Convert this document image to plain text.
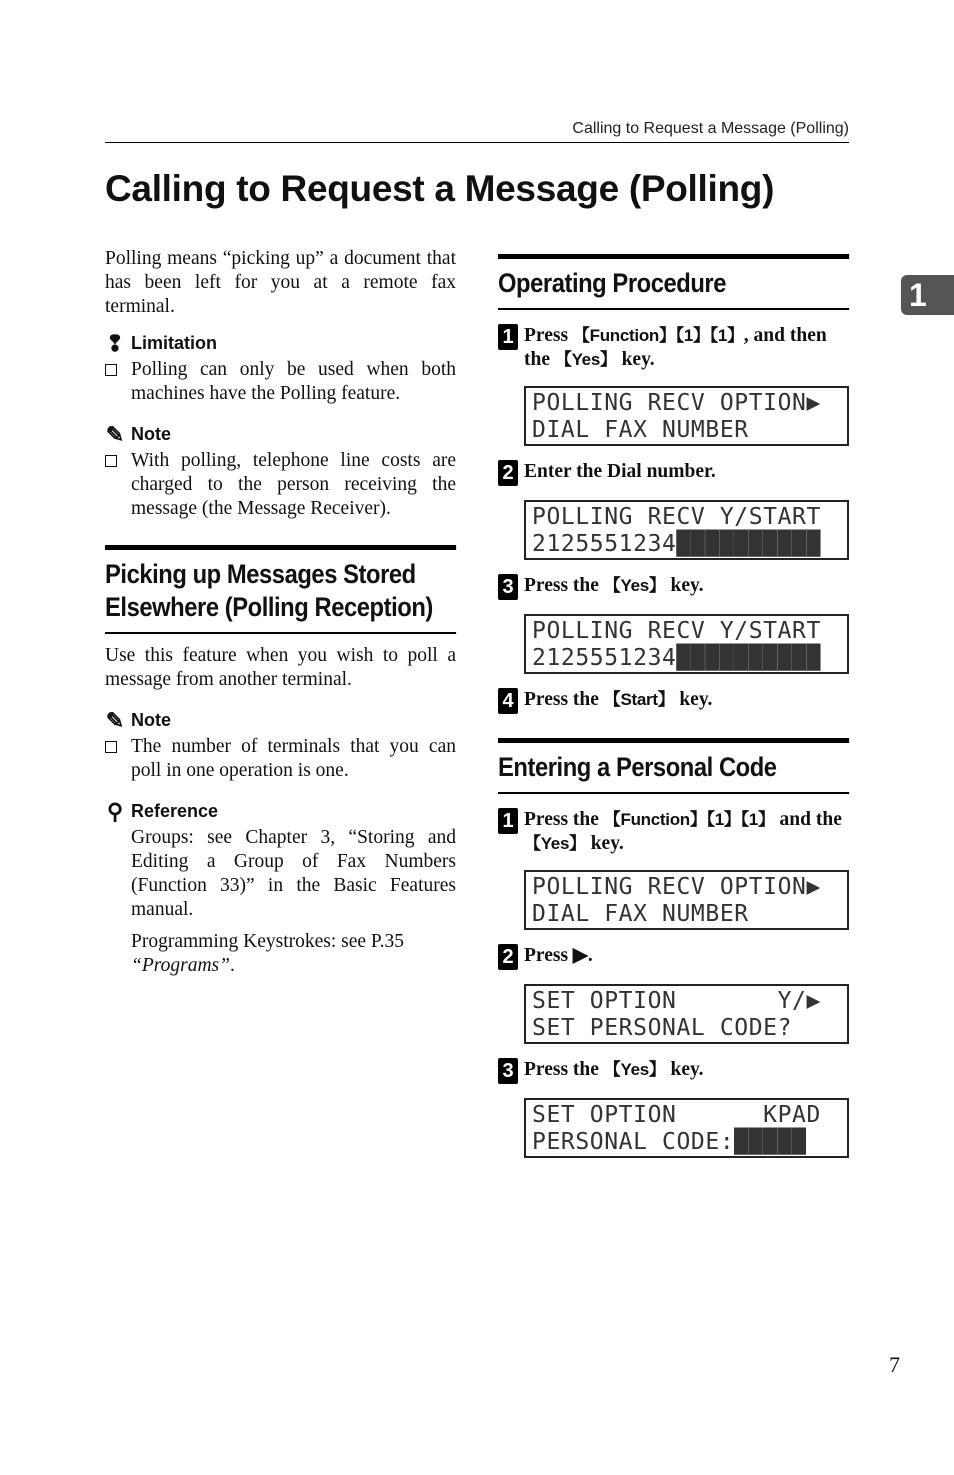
Calling to Request a Message (Polling)
Calling to Request a Message (Polling)
1

Polling means “picking up” a document that has been left for you at a remote fax terminal.

❢ Limitation
Polling can only be used when both machines have the Polling feature.
✎ Note
With polling, telephone line costs are charged to the person receiving the message (the Message Receiver).
Picking up Messages Stored
Elsewhere (Polling Reception)

Use this feature when you wish to poll a message from another terminal.

✎ Note
The number of terminals that you can poll in one operation is one.
⚲ Reference

Groups: see Chapter 3, “Storing and Editing a Group of Fax Numbers (Function 33)” in the Basic Features manual.

Programming Keystrokes: see P.35 “Programs”.

Operating Procedure
1 Press 【Function】【1】【1】, and then the 【Yes】 key.
POLLING RECV OPTION▶
DIAL FAX NUMBER
2 Enter the Dial number.
POLLING RECV Y/START
2125551234██████████
3 Press the 【Yes】 key.
POLLING RECV Y/START
2125551234██████████
4 Press the 【Start】 key.
Entering a Personal Code
1 Press the 【Function】【1】【1】 and the 【Yes】 key.
POLLING RECV OPTION▶
DIAL FAX NUMBER
2 Press ▶.
SET OPTION       Y/▶
SET PERSONAL CODE?
3 Press the 【Yes】 key.
SET OPTION      KPAD
PERSONAL CODE:█████
7
